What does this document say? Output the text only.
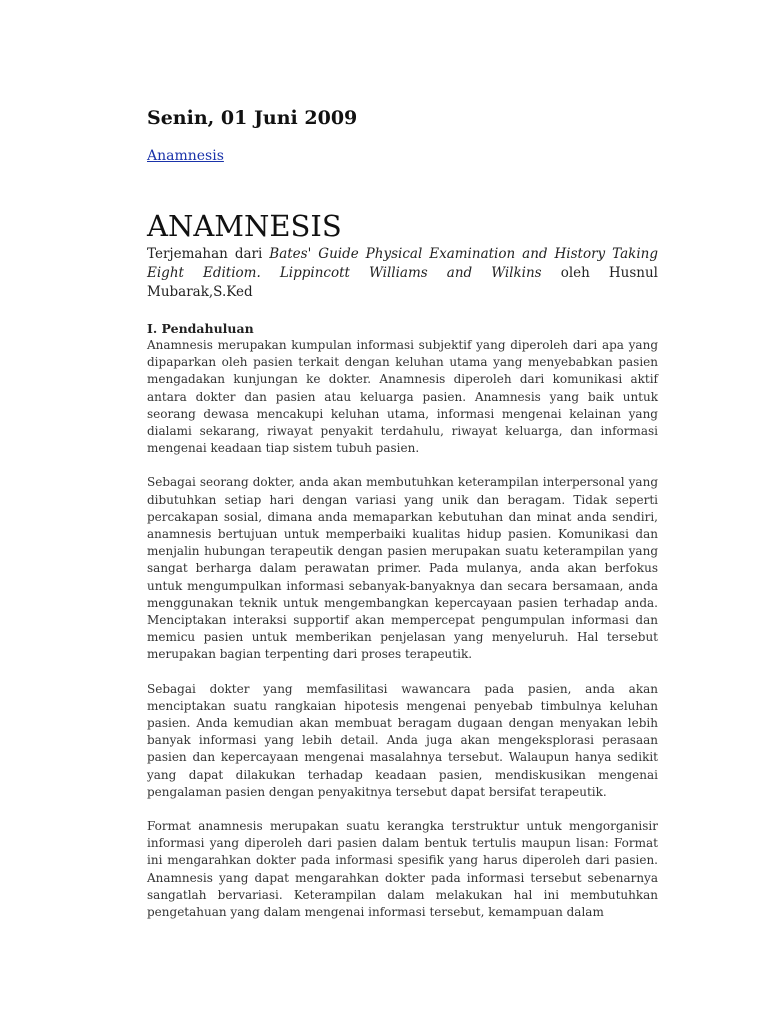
Senin, 01 Juni 2009
Anamnesis
ANAMNESIS

Terjemahan dari Bates' Guide Physical Examination and History Taking Eight Editiom. Lippincott Williams and Wilkins oleh Husnul Mubarak,S.Ked

I. Pendahuluan

Anamnesis merupakan kumpulan informasi subjektif yang diperoleh dari apa yang dipaparkan oleh pasien terkait dengan keluhan utama yang menyebabkan pasien mengadakan kunjungan ke dokter. Anamnesis diperoleh dari komunikasi aktif antara dokter dan pasien atau keluarga pasien. Anamnesis yang baik untuk seorang dewasa mencakupi keluhan utama, informasi mengenai kelainan yang dialami sekarang, riwayat penyakit terdahulu, riwayat keluarga, dan informasi mengenai keadaan tiap sistem tubuh pasien.

Sebagai seorang dokter, anda akan membutuhkan keterampilan interpersonal yang dibutuhkan setiap hari dengan variasi yang unik dan beragam. Tidak seperti percakapan sosial, dimana anda memaparkan kebutuhan dan minat anda sendiri, anamnesis bertujuan untuk memperbaiki kualitas hidup pasien. Komunikasi dan menjalin hubungan terapeutik dengan pasien merupakan suatu keterampilan yang sangat berharga dalam perawatan primer. Pada mulanya, anda akan berfokus untuk mengumpulkan informasi sebanyak-banyaknya dan secara bersamaan, anda menggunakan teknik untuk mengembangkan kepercayaan pasien terhadap anda. Menciptakan interaksi supportif akan mempercepat pengumpulan informasi dan memicu pasien untuk memberikan penjelasan yang menyeluruh. Hal tersebut merupakan bagian terpenting dari proses terapeutik.

Sebagai dokter yang memfasilitasi wawancara pada pasien, anda akan menciptakan suatu rangkaian hipotesis mengenai penyebab timbulnya keluhan pasien. Anda kemudian akan membuat beragam dugaan dengan menyakan lebih banyak informasi yang lebih detail. Anda juga akan mengeksplorasi perasaan pasien dan kepercayaan mengenai masalahnya tersebut. Walaupun hanya sedikit yang dapat dilakukan terhadap keadaan pasien, mendiskusikan mengenai pengalaman pasien dengan penyakitnya tersebut dapat bersifat terapeutik.

Format anamnesis merupakan suatu kerangka terstruktur untuk mengorganisir informasi yang diperoleh dari pasien dalam bentuk tertulis maupun lisan: Format ini mengarahkan dokter pada informasi spesifik yang harus diperoleh dari pasien. Anamnesis yang dapat mengarahkan dokter pada informasi tersebut sebenarnya sangatlah bervariasi. Keterampilan dalam melakukan hal ini membutuhkan pengetahuan yang dalam mengenai informasi tersebut, kemampuan dalam
